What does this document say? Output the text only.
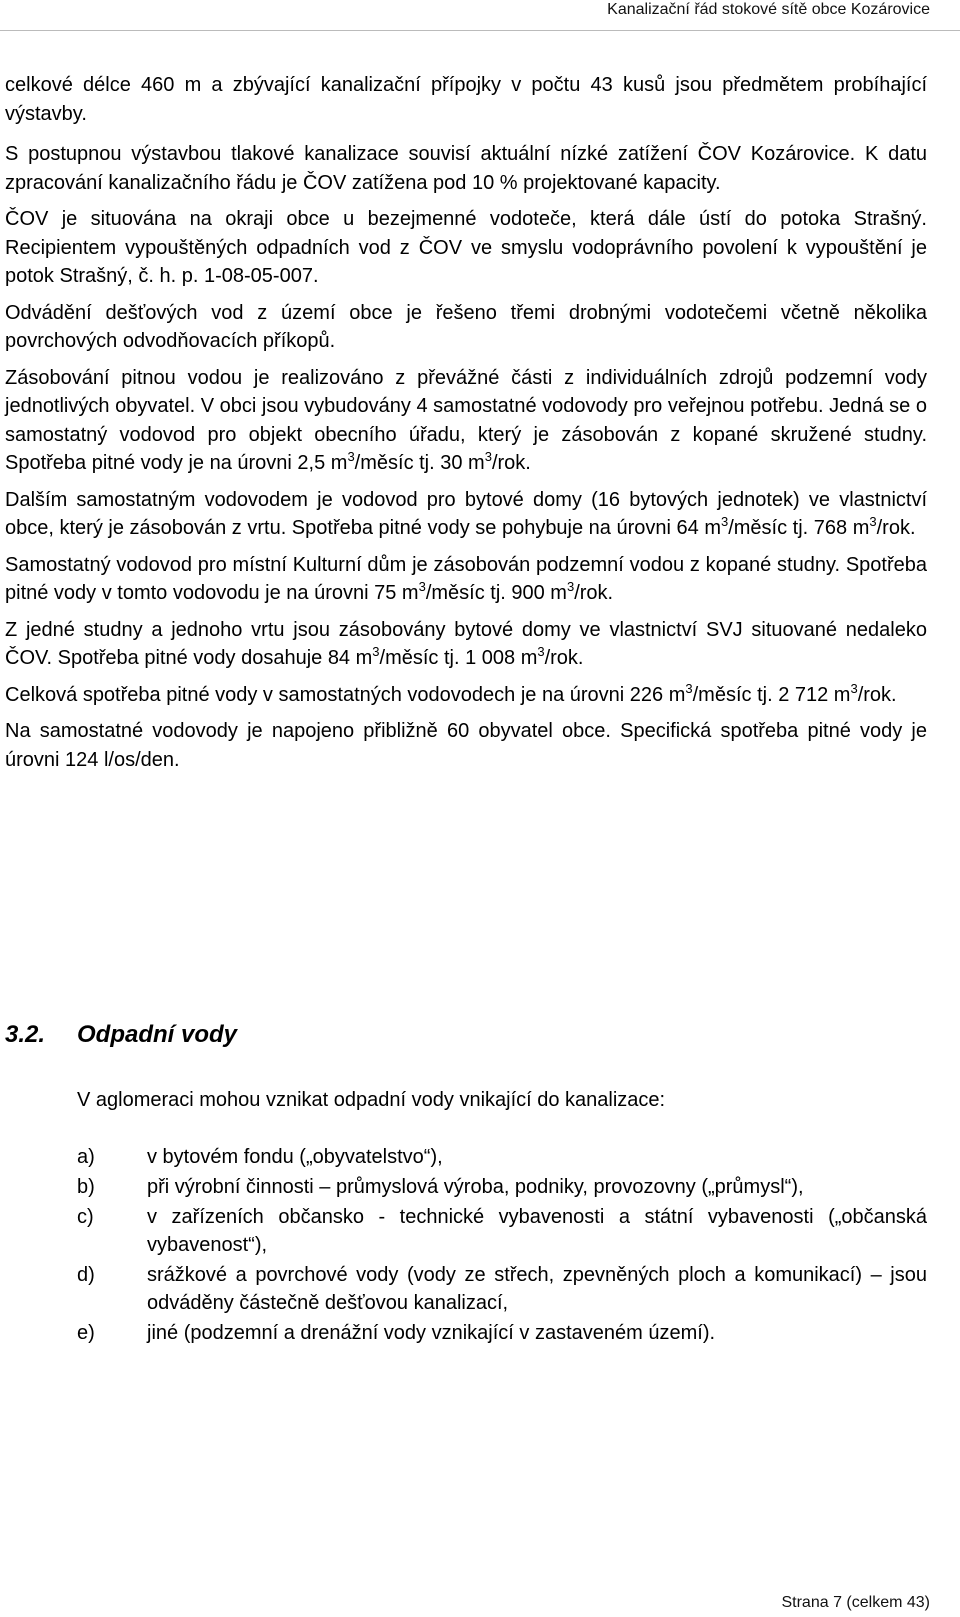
Kanalizační řád stokové sítě obce Kozárovice

celkové délce 460 m a zbývající kanalizační přípojky v počtu 43 kusů jsou předmětem probíhající výstavby.

S postupnou výstavbou tlakové kanalizace souvisí aktuální nízké zatížení ČOV Kozárovice. K datu zpracování kanalizačního řádu je ČOV zatížena pod 10 % projektované kapacity.

ČOV je situována na okraji obce u bezejmenné vodoteče, která dále ústí do potoka Strašný. Recipientem vypouštěných odpadních vod z ČOV ve smyslu vodoprávního povolení k vypouštění je potok Strašný, č. h. p. 1-08-05-007.

Odvádění dešťových vod z území obce je řešeno třemi drobnými vodotečemi včetně několika povrchových odvodňovacích příkopů.

Zásobování pitnou vodou je realizováno z převážné části z individuálních zdrojů podzemní vody jednotlivých obyvatel. V obci jsou vybudovány 4 samostatné vodovody pro veřejnou potřebu. Jedná se o samostatný vodovod pro objekt obecního úřadu, který je zásobován z kopané skružené studny. Spotřeba pitné vody je na úrovni 2,5 $m^3$/měsíc tj. 30 $m^3$/rok.

Dalším samostatným vodovodem je vodovod pro bytové domy (16 bytových jednotek) ve vlastnictví obce, který je zásobován z vrtu. Spotřeba pitné vody se pohybuje na úrovni 64 $m^3$/měsíc tj. 768 $m^3$/rok.

Samostatný vodovod pro místní Kulturní dům je zásobován podzemní vodou z kopané studny. Spotřeba pitné vody v tomto vodovodu je na úrovni 75 $m^3$/měsíc tj. 900 $m^3$/rok.

Z jedné studny a jednoho vrtu jsou zásobovány bytové domy ve vlastnictví SVJ situované nedaleko ČOV. Spotřeba pitné vody dosahuje 84 $m^3$/měsíc tj. 1 008 $m^3$/rok.

Celková spotřeba pitné vody v samostatných vodovodech je na úrovni 226 $m^3$/měsíc tj. 2 712 $m^3$/rok.

Na samostatné vodovody je napojeno přibližně 60 obyvatel obce. Specifická spotřeba pitné vody je úrovni 124 l/os/den.

3.2. Odpadní vody
V aglomeraci mohou vznikat odpadní vody vnikající do kanalizace:
a)	v bytovém fondu („obyvatelstvo“),
b)	při výrobní činnosti – průmyslová výroba, podniky, provozovny („průmysl“),
c)	v zařízeních občansko - technické vybavenosti a státní vybavenosti („občanská vybavenost“),
d)	srážkové a povrchové vody (vody ze střech, zpevněných ploch a komunikací) – jsou odváděny částečně dešťovou kanalizací,
e)	jiné (podzemní a drenážní vody vznikající v zastaveném území).
Strana 7 (celkem 43)
